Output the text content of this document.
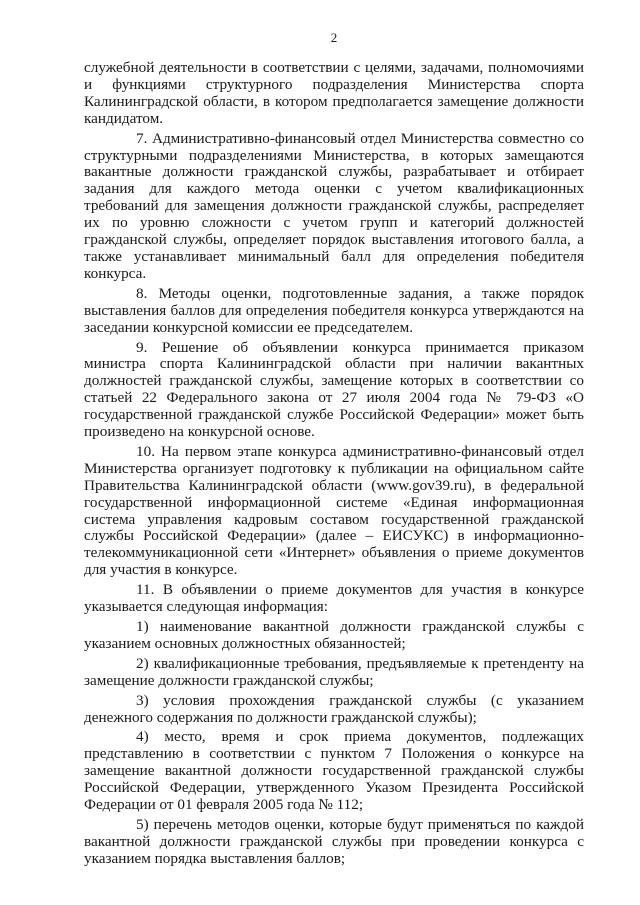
2

служебной деятельности в соответствии с целями, задачами, полномочиями и функциями структурного подразделения Министерства спорта Калининградской области, в котором предполагается замещение должности кандидатом.

7. Административно-финансовый отдел Министерства совместно со структурными подразделениями Министерства, в которых замещаются вакантные должности гражданской службы, разрабатывает и отбирает задания для каждого метода оценки с учетом квалификационных требований для замещения должности гражданской службы, распределяет их по уровню сложности с учетом групп и категорий должностей гражданской службы, определяет порядок выставления итогового балла, а также устанавливает минимальный балл для определения победителя конкурса.

8. Методы оценки, подготовленные задания, а также порядок выставления баллов для определения победителя конкурса утверждаются на заседании конкурсной комиссии ее председателем.

9. Решение об объявлении конкурса принимается приказом министра спорта Калининградской области при наличии вакантных должностей гражданской службы, замещение которых в соответствии со статьей 22 Федерального закона от 27 июля 2004 года № 79-ФЗ «О государственной гражданской службе Российской Федерации» может быть произведено на конкурсной основе.

10. На первом этапе конкурса административно-финансовый отдел Министерства организует подготовку к публикации на официальном сайте Правительства Калининградской области (www.gov39.ru), в федеральной государственной информационной системе «Единая информационная система управления кадровым составом государственной гражданской службы Российской Федерации» (далее – ЕИСУКС) в информационно-телекоммуникационной сети «Интернет» объявления о приеме документов для участия в конкурсе.

11. В объявлении о приеме документов для участия в конкурсе указывается следующая информация:

1) наименование вакантной должности гражданской службы с указанием основных должностных обязанностей;

2) квалификационные требования, предъявляемые к претенденту на замещение должности гражданской службы;

3) условия прохождения гражданской службы (с указанием денежного содержания по должности гражданской службы);

4) место, время и срок приема документов, подлежащих представлению в соответствии с пунктом 7 Положения о конкурсе на замещение вакантной должности государственной гражданской службы Российской Федерации, утвержденного Указом Президента Российской Федерации от 01 февраля 2005 года № 112;

5) перечень методов оценки, которые будут применяться по каждой вакантной должности гражданской службы при проведении конкурса с указанием порядка выставления баллов;
